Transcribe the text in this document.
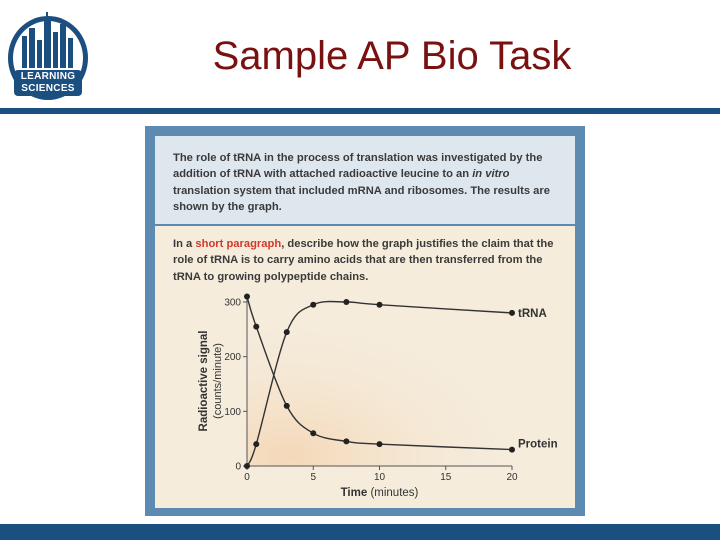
LEARNING
SCIENCES
Sample AP Bio Task
The role of tRNA in the process of translation was investigated by the addition of tRNA with attached radioactive leucine to an in vitro translation system that included mRNA and ribosomes. The results are shown by the graph.
In a short paragraph, describe how the graph justifies the claim that the role of tRNA is to carry amino acids that are then transferred from the tRNA to growing polypeptide chains.
0
100
200
300
0	5	10	15	20
Time (minutes)
Radioactive signal (counts/minute)
Protein
tRNA
